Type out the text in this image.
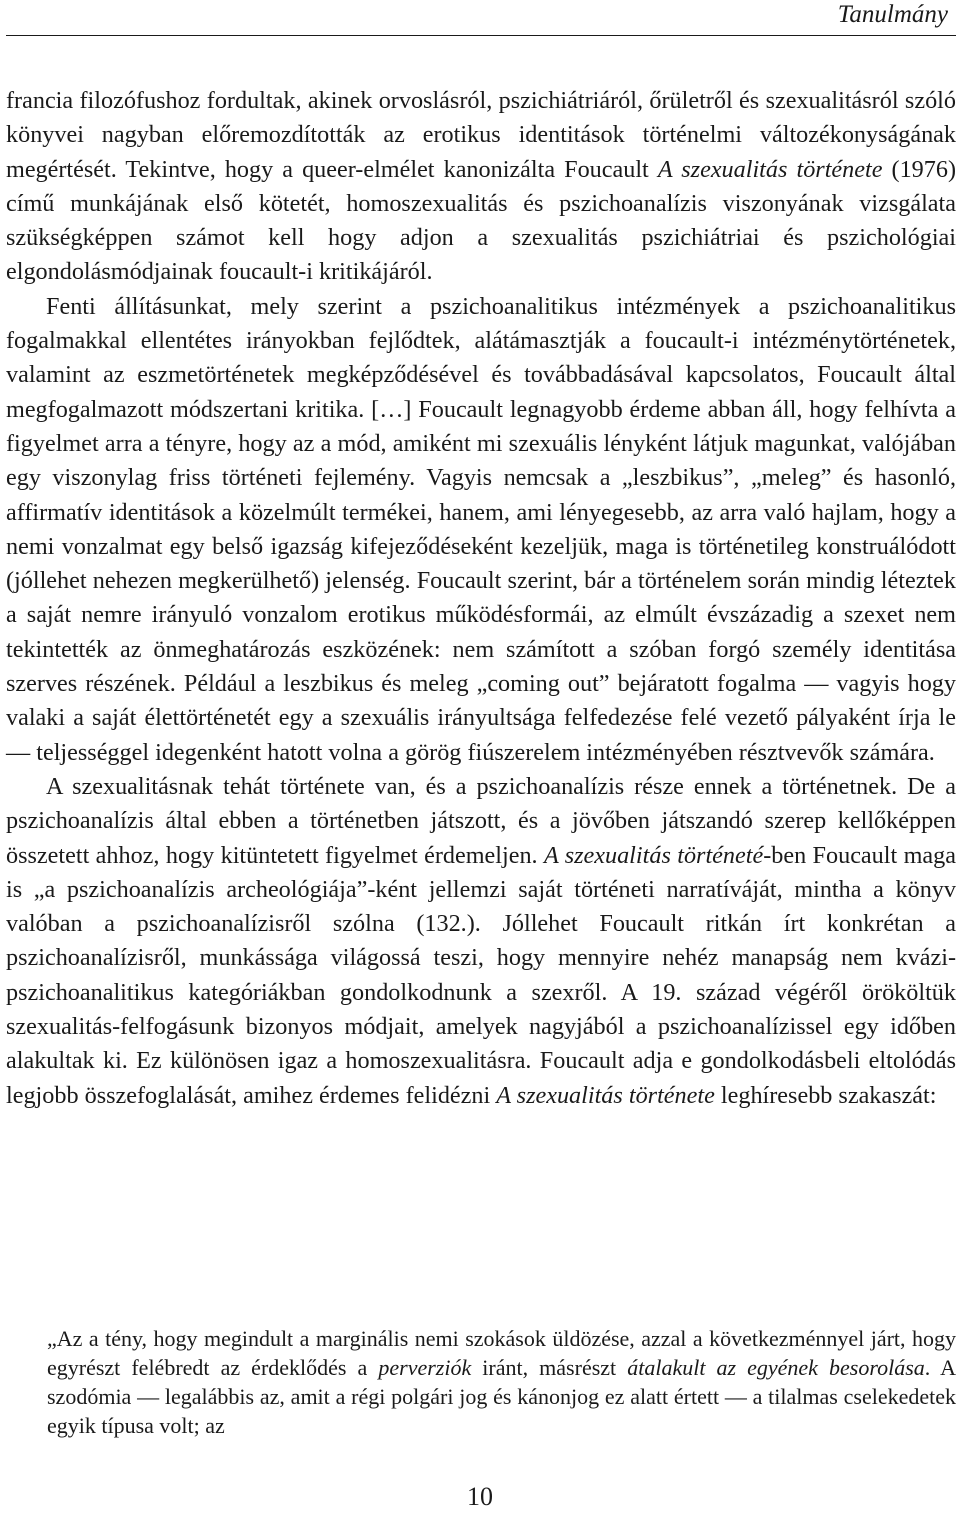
Tanulmány

francia filozófushoz fordultak, akinek orvoslásról, pszichiátriáról, őrületről és szexualitásról szóló könyvei nagyban előremozdították az erotikus identitások történelmi változékonyságának megértését. Tekintve, hogy a queer-elmélet kanonizálta Foucault A szexualitás története (1976) című munkájának első kötetét, homoszexualitás és pszichoanalízis viszonyának vizsgálata szükségképpen számot kell hogy adjon a szexualitás pszichiátriai és pszichológiai elgondolásmódjainak foucault-i kritikájáról.

Fenti állításunkat, mely szerint a pszichoanalitikus intézmények a pszichoanalitikus fogalmakkal ellentétes irányokban fejlődtek, alátámasztják a foucault-i intézménytörténetek, valamint az eszmetörténetek megképződésével és továbbadásával kapcsolatos, Foucault által megfogalmazott módszertani kritika. […] Foucault legnagyobb érdeme abban áll, hogy felhívta a figyelmet arra a tényre, hogy az a mód, amiként mi szexuális lényként látjuk magunkat, valójában egy viszonylag friss történeti fejlemény. Vagyis nemcsak a „leszbikus”, „meleg” és hasonló, affirmatív identitások a közelmúlt termékei, hanem, ami lényegesebb, az arra való hajlam, hogy a nemi vonzalmat egy belső igazság kifejeződéseként kezeljük, maga is történetileg konstruálódott (jóllehet nehezen megkerülhető) jelenség. Foucault szerint, bár a történelem során mindig léteztek a saját nemre irányuló vonzalom erotikus működésformái, az elmúlt évszázadig a szexet nem tekintették az önmeghatározás eszközének: nem számított a szóban forgó személy identitása szerves részének. Például a leszbikus és meleg „coming out” bejáratott fogalma — vagyis hogy valaki a saját élettörténetét egy a szexuális irányultsága felfedezése felé vezető pályaként írja le — teljességgel idegenként hatott volna a görög fiúszerelem intézményében résztvevők számára.

A szexualitásnak tehát története van, és a pszichoanalízis része ennek a történetnek. De a pszichoanalízis által ebben a történetben játszott, és a jövőben játszandó szerep kellőképpen összetett ahhoz, hogy kitüntetett figyelmet érdemeljen. A szexualitás történeté-ben Foucault maga is „a pszichoanalízis archeológiája”-ként jellemzi saját történeti narratíváját, mintha a könyv valóban a pszichoanalízisről szólna (132.). Jóllehet Foucault ritkán írt konkrétan a pszichoanalízisről, munkássága világossá teszi, hogy mennyire nehéz manapság nem kvázi-pszichoanalitikus kategóriákban gondolkodnunk a szexről. A 19. század végéről örököltük szexualitás-felfogásunk bizonyos módjait, amelyek nagyjából a pszichoanalízissel egy időben alakultak ki. Ez különösen igaz a homoszexualitásra. Foucault adja e gondolkodásbeli eltolódás legjobb összefoglalását, amihez érdemes felidézni A szexualitás története leghíresebb szakaszát:

„Az a tény, hogy megindult a marginális nemi szokások üldözése, azzal a következménnyel járt, hogy egyrészt felébredt az érdeklődés a perverziók iránt, másrészt átalakult az egyének besorolása. A szodómia — legalábbis az, amit a régi polgári jog és kánonjog ez alatt értett — a tilalmas cselekedetek egyik típusa volt; az

10
